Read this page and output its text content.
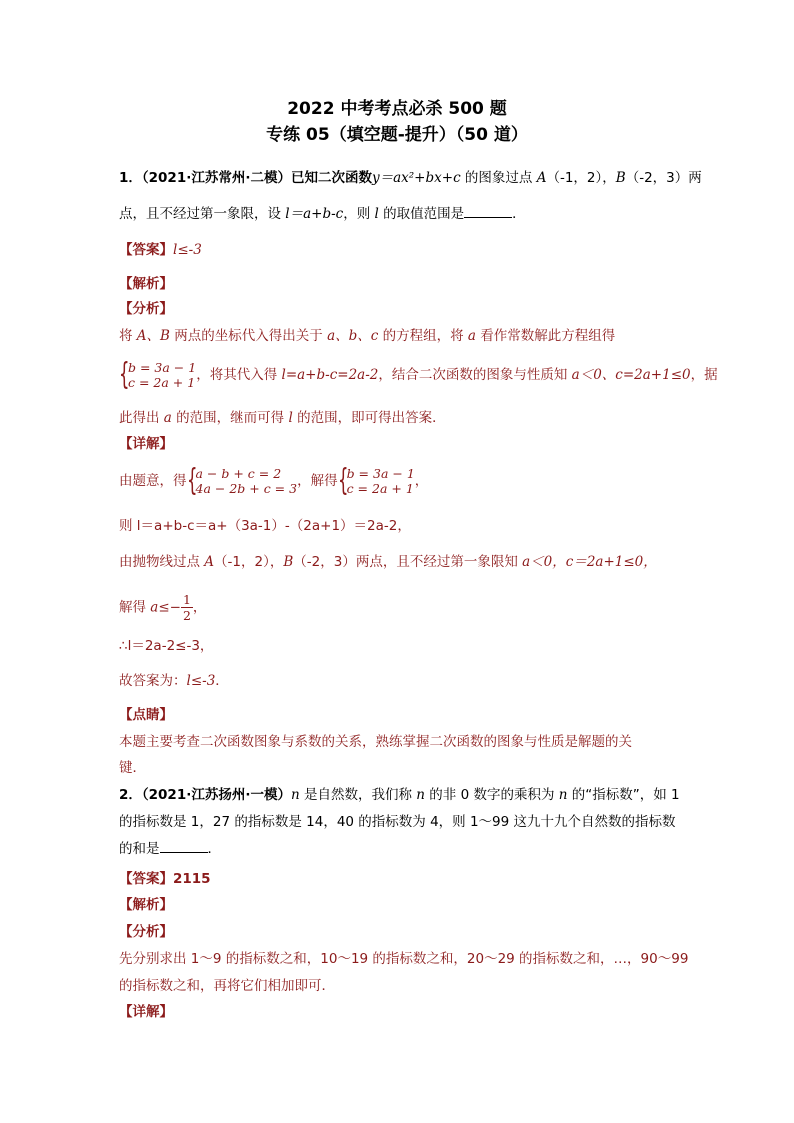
2022 中考考点必杀 500 题
专练 05（填空题-提升）（50 道）
1．（2021·江苏常州·二模）已知二次函数y＝ax²+bx+c 的图象过点 A（-1，2），B（-2，3）两
点，且不经过第一象限，设 l＝a+b-c，则 l 的取值范围是	．
【答案】l≤-3
【解析】
【分析】
将 A、B 两点的坐标代入得出关于 a、b、c 的方程组，将 a 看作常数解此方程组得
{
b = 3a − 1
c = 2a + 1 ，将其代入得 l=a+b-c=2a-2，结合二次函数的图象与性质知 a＜0、c=2a+1≤0，据
此得出 a 的范围，继而可得 l 的范围，即可得出答案．
【详解】
由题意，得 {
a − b + c = 2
4a − 2b + c = 3 ，解得 {
b = 3a − 1
c = 2a + 1 ，
则 l＝a+b-c＝a+（3a-1）-（2a+1）＝2a-2，
由抛物线过点 A（-1，2），B（-2，3）两点，且不经过第一象限知 a＜0，c＝2a+1≤0，
解得 $a\le- \frac{1}{2}$ ，
∴l＝2a-2≤-3，
故答案为：l≤-3．
【点睛】
本题主要考查二次函数图象与系数的关系，熟练掌握二次函数的图象与性质是解题的关
键．
2．（2021·江苏扬州·一模）n 是自然数，我们称 n 的非 0 数字的乘积为 n 的“指标数”，如 1
的指标数是 1，27 的指标数是 14，40 的指标数为 4，则 1～99 这九十九个自然数的指标数
的和是	．
【答案】2115
【解析】
【分析】
先分别求出 1～9 的指标数之和，10～19 的指标数之和，20～29 的指标数之和，…，90～99
的指标数之和，再将它们相加即可．
【详解】
